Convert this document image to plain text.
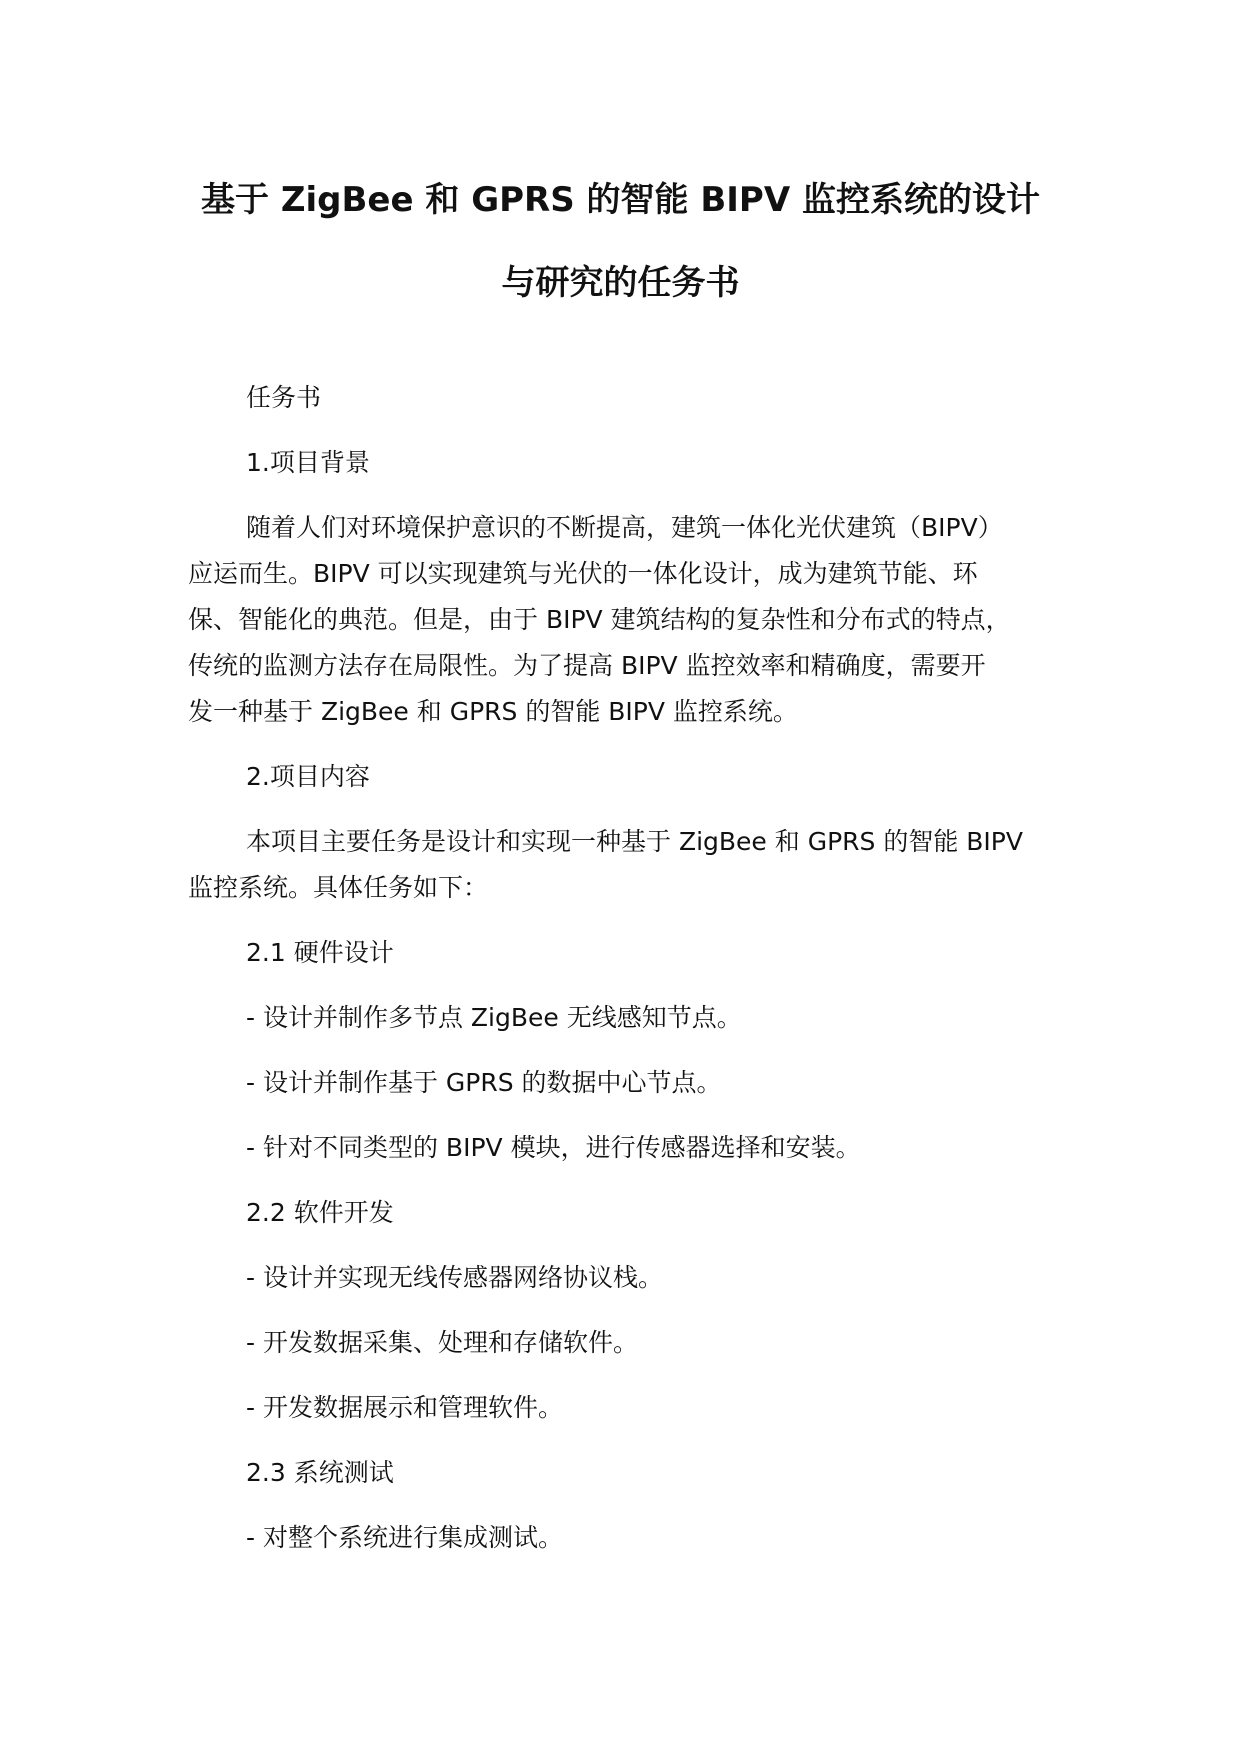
基于 ZigBee 和 GPRS 的智能 BIPV 监控系统的设计
与研究的任务书
任务书
1.项目背景
随着人们对环境保护意识的不断提高，建筑一体化光伏建筑（BIPV）
应运而生。BIPV 可以实现建筑与光伏的一体化设计，成为建筑节能、环
保、智能化的典范。但是，由于 BIPV 建筑结构的复杂性和分布式的特点，
传统的监测方法存在局限性。为了提高 BIPV 监控效率和精确度，需要开
发一种基于 ZigBee 和 GPRS 的智能 BIPV 监控系统。
2.项目内容
本项目主要任务是设计和实现一种基于 ZigBee 和 GPRS 的智能 BIPV
监控系统。具体任务如下：
2.1 硬件设计
- 设计并制作多节点 ZigBee 无线感知节点。
- 设计并制作基于 GPRS 的数据中心节点。
- 针对不同类型的 BIPV 模块，进行传感器选择和安装。
2.2 软件开发
- 设计并实现无线传感器网络协议栈。
- 开发数据采集、处理和存储软件。
- 开发数据展示和管理软件。
2.3 系统测试
- 对整个系统进行集成测试。
